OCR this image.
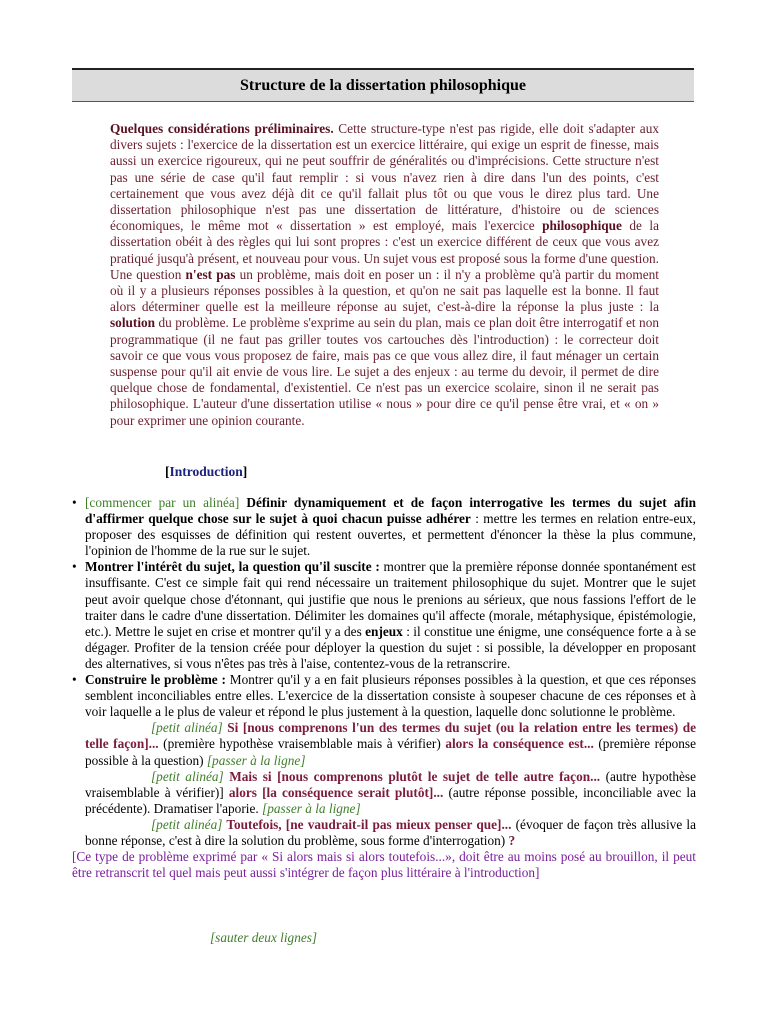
Structure de la dissertation philosophique
Quelques considérations préliminaires. Cette structure-type n'est pas rigide, elle doit s'adapter aux divers sujets : l'exercice de la dissertation est un exercice littéraire, qui exige un esprit de finesse, mais aussi un exercice rigoureux, qui ne peut souffrir de généralités ou d'imprécisions. Cette structure n'est pas une série de case qu'il faut remplir : si vous n'avez rien à dire dans l'un des points, c'est certainement que vous avez déjà dit ce qu'il fallait plus tôt ou que vous le direz plus tard. Une dissertation philosophique n'est pas une dissertation de littérature, d'histoire ou de sciences économiques, le même mot « dissertation » est employé, mais l'exercice philosophique de la dissertation obéit à des règles qui lui sont propres : c'est un exercice différent de ceux que vous avez pratiqué jusqu'à présent, et nouveau pour vous. Un sujet vous est proposé sous la forme d'une question. Une question n'est pas un problème, mais doit en poser un : il n'y a problème qu'à partir du moment où il y a plusieurs réponses possibles à la question, et qu'on ne sait pas laquelle est la bonne. Il faut alors déterminer quelle est la meilleure réponse au sujet, c'est-à-dire la réponse la plus juste : la solution du problème. Le problème s'exprime au sein du plan, mais ce plan doit être interrogatif et non programmatique (il ne faut pas griller toutes vos cartouches dès l'introduction) : le correcteur doit savoir ce que vous vous proposez de faire, mais pas ce que vous allez dire, il faut ménager un certain suspense pour qu'il ait envie de vous lire. Le sujet a des enjeux : au terme du devoir, il permet de dire quelque chose de fondamental, d'existentiel. Ce n'est pas un exercice scolaire, sinon il ne serait pas philosophique. L'auteur d'une dissertation utilise « nous » pour dire ce qu'il pense être vrai, et « on » pour exprimer une opinion courante.
[Introduction]
• [commencer par un alinéa] Définir dynamiquement et de façon interrogative les termes du sujet afin d'affirmer quelque chose sur le sujet à quoi chacun puisse adhérer : mettre les termes en relation entre-eux, proposer des esquisses de définition qui restent ouvertes, et permettent d'énoncer la thèse la plus commune, l'opinion de l'homme de la rue sur le sujet.
• Montrer l'intérêt du sujet, la question qu'il suscite : montrer que la première réponse donnée spontanément est insuffisante. C'est ce simple fait qui rend nécessaire un traitement philosophique du sujet. Montrer que le sujet peut avoir quelque chose d'étonnant, qui justifie que nous le prenions au sérieux, que nous fassions l'effort de le traiter dans le cadre d'une dissertation. Délimiter les domaines qu'il affecte (morale, métaphysique, épistémologie, etc.). Mettre le sujet en crise et montrer qu'il y a des enjeux : il constitue une énigme, une conséquence forte a à se dégager. Profiter de la tension créée pour déployer la question du sujet : si possible, la développer en proposant des alternatives, si vous n'êtes pas très à l'aise, contentez-vous de la retranscrire.
• Construire le problème : Montrer qu'il y a en fait plusieurs réponses possibles à la question, et que ces réponses semblent inconciliables entre elles. L'exercice de la dissertation consiste à soupeser chacune de ces réponses et à voir laquelle a le plus de valeur et répond le plus justement à la question, laquelle donc solutionne le problème.
[petit alinéa] Si [nous comprenons l'un des termes du sujet (ou la relation entre les termes) de telle façon]... (première hypothèse vraisemblable mais à vérifier) alors la conséquence est... (première réponse possible à la question) [passer à la ligne]
[petit alinéa] Mais si [nous comprenons plutôt le sujet de telle autre façon... (autre hypothèse vraisemblable à vérifier)] alors [la conséquence serait plutôt]... (autre réponse possible, inconciliable avec la précédente). Dramatiser l'aporie. [passer à la ligne]
[petit alinéa] Toutefois, [ne vaudrait-il pas mieux penser que]... (évoquer de façon très allusive la bonne réponse, c'est à dire la solution du problème, sous forme d'interrogation) ?
[Ce type de problème exprimé par « Si alors mais si alors toutefois...», doit être au moins posé au brouillon, il peut être retranscrit tel quel mais peut aussi s'intégrer de façon plus littéraire à l'introduction]
[sauter deux lignes]
